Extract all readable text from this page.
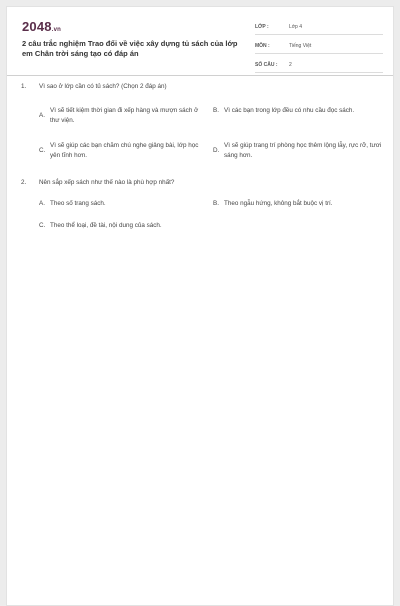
2048.vn
2 câu trắc nghiệm Trao đổi về việc xây dựng tủ sách của lớp em Chân trời sáng tạo có đáp án
LỚP :	Lớp 4
MÔN :	Tiếng Việt
SỐ CÂU :	2
1.	Vì sao ở lớp cần có tủ sách? (Chọn 2 đáp án)
A.
Vì sẽ tiết kiệm thời gian đi xếp hàng và mượn sách ở thư viện.
B. Vì các bạn trong lớp đều có nhu cầu đọc sách.
C.
Vì sẽ giúp các bạn chăm chú nghe giảng bài, lớp học yên tĩnh hơn.
D.
Vì sẽ giúp trang trí phòng học thêm lộng lẫy, rực rỡ, tươi sáng hơn.
2.	Nên sắp xếp sách như thế nào là phù hợp nhất?
A. Theo số trang sách.	B. Theo ngẫu hứng, không bắt buộc vị trí.
C. Theo thể loại, đề tài, nội dung của sách.
